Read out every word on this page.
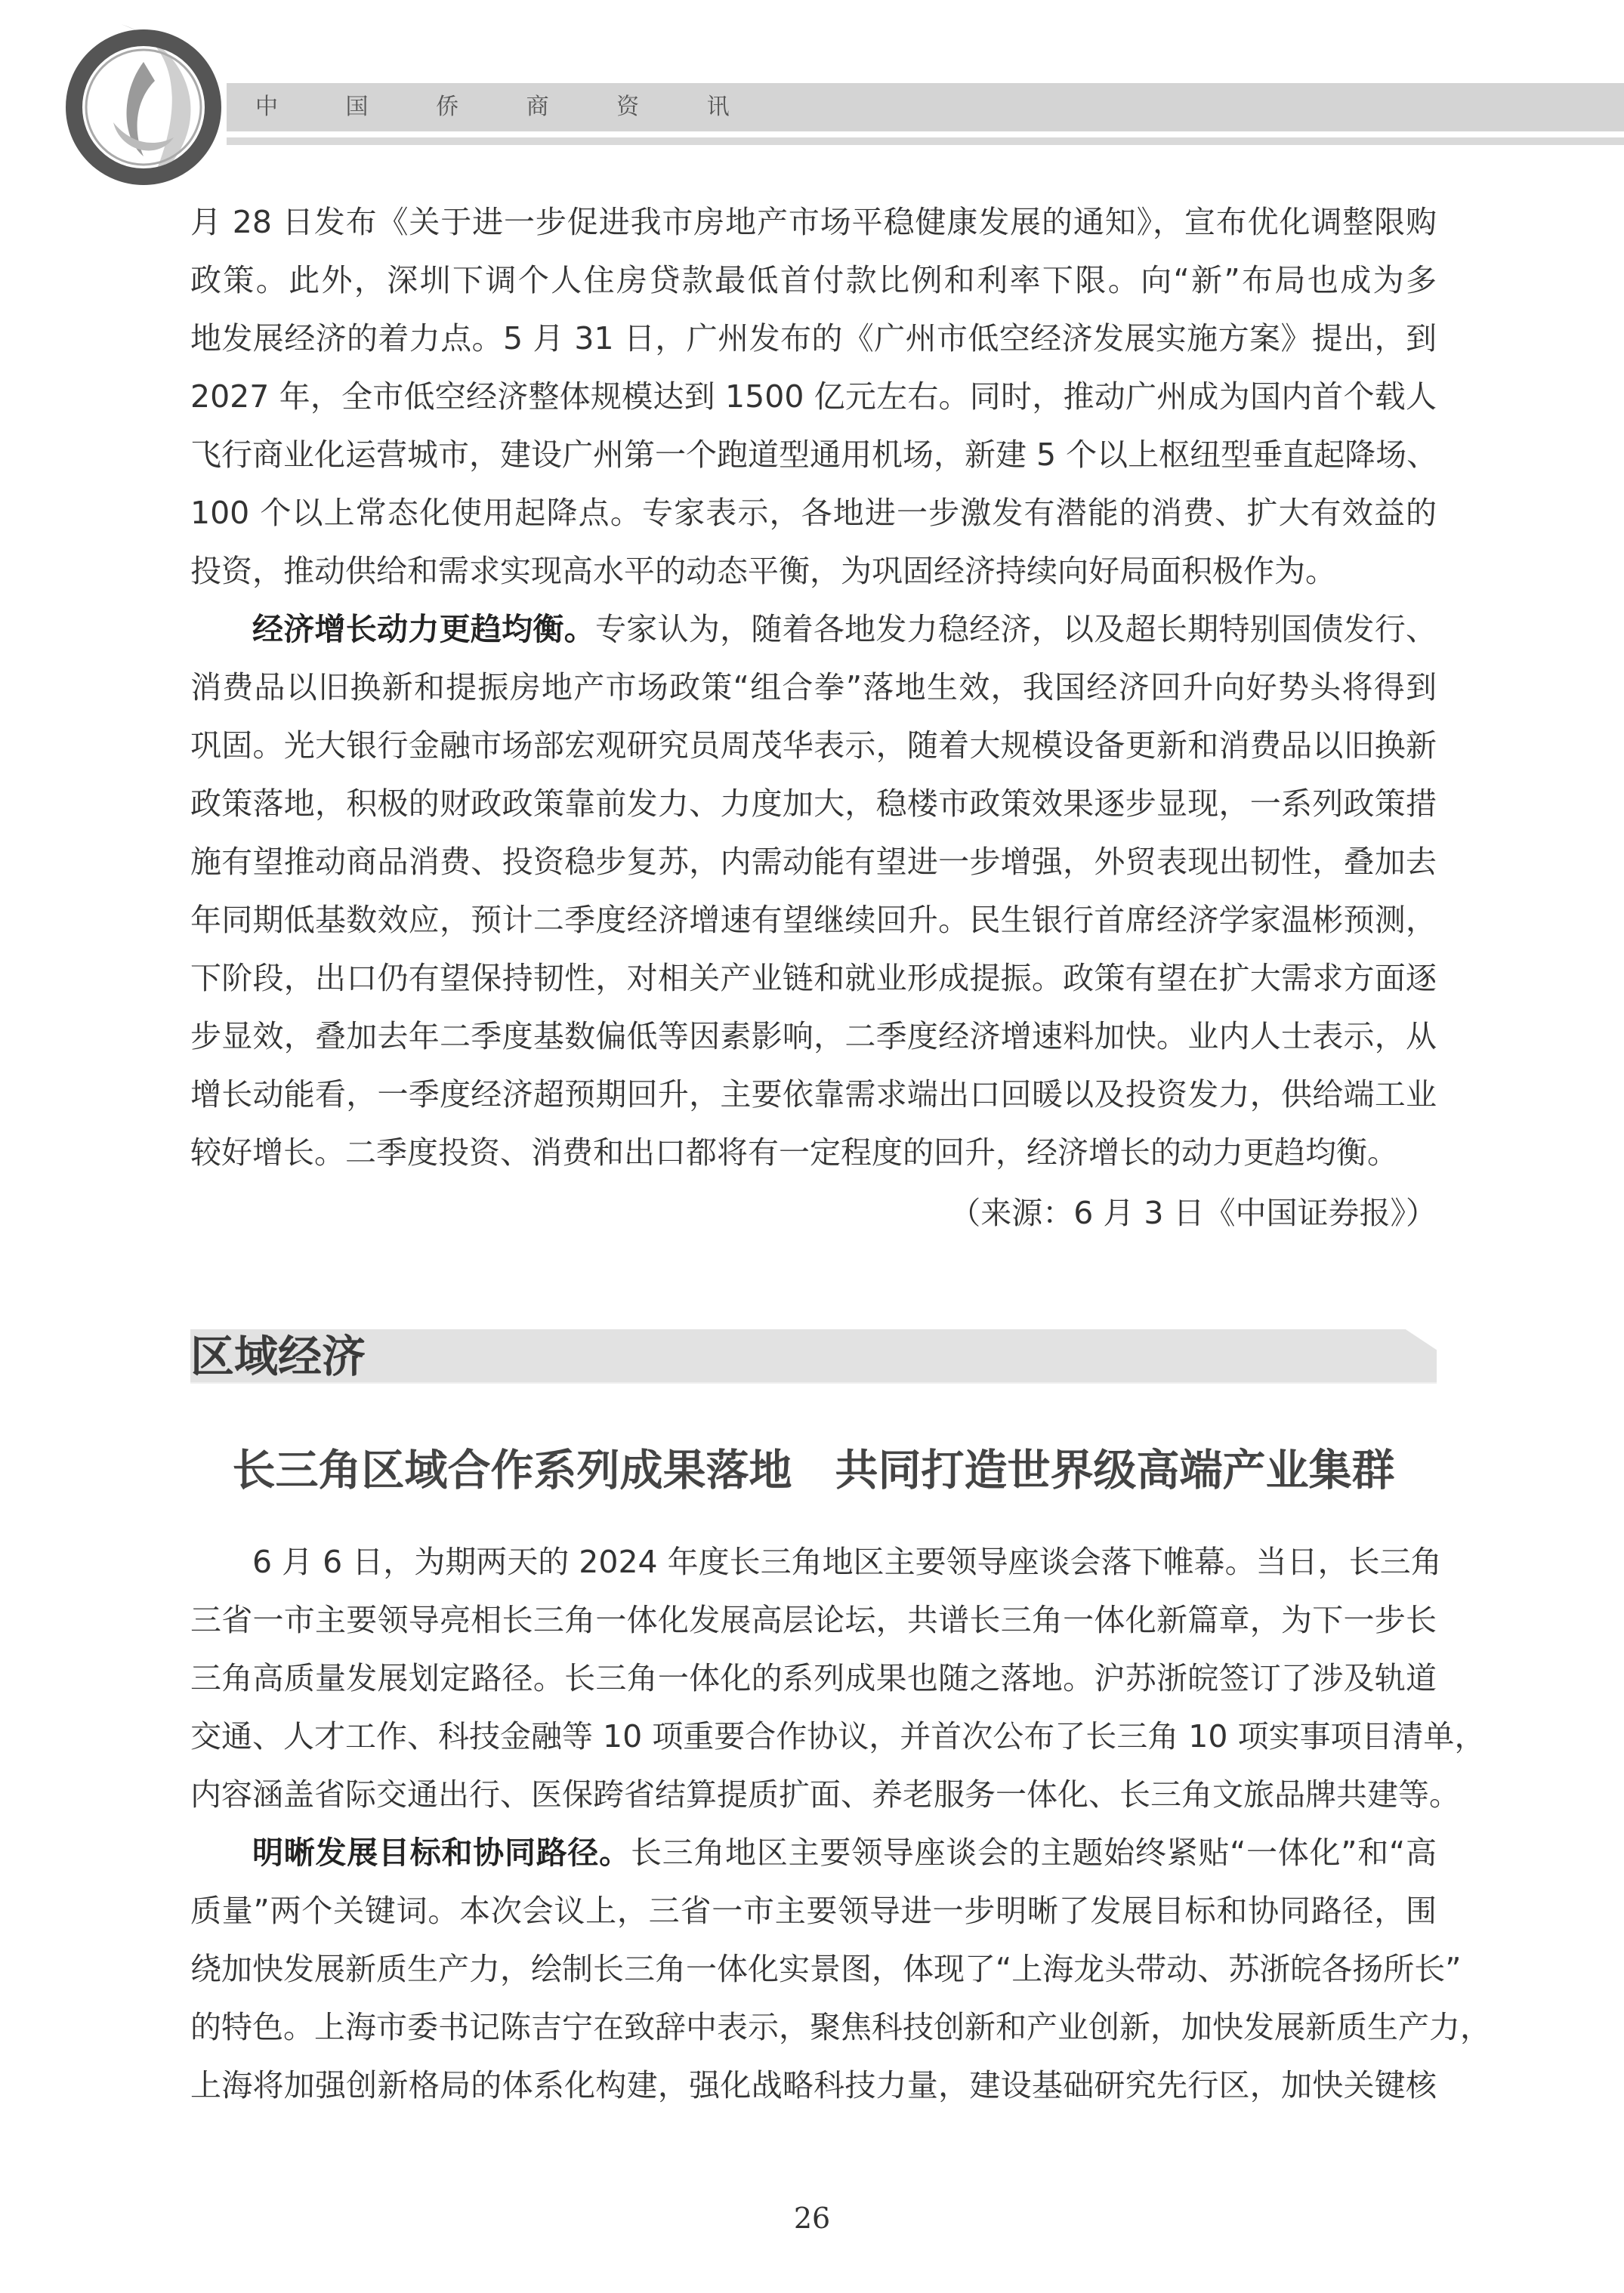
中 国 侨 商 资 讯
月 28 日发布《关于进一步促进我市房地产市场平稳健康发展的通知》，宣布优化调整限购
政策。此外，深圳下调个人住房贷款最低首付款比例和利率下限。向“新”布局也成为多
地发展经济的着力点。5 月 31 日，广州发布的《广州市低空经济发展实施方案》提出，到
2027 年，全市低空经济整体规模达到 1500 亿元左右。同时，推动广州成为国内首个载人
飞行商业化运营城市，建设广州第一个跑道型通用机场，新建 5 个以上枢纽型垂直起降场、
100 个以上常态化使用起降点。专家表示，各地进一步激发有潜能的消费、扩大有效益的
投资，推动供给和需求实现高水平的动态平衡，为巩固经济持续向好局面积极作为。
经济增长动力更趋均衡。专家认为，随着各地发力稳经济，以及超长期特别国债发行、
消费品以旧换新和提振房地产市场政策“组合拳”落地生效，我国经济回升向好势头将得到
巩固。光大银行金融市场部宏观研究员周茂华表示，随着大规模设备更新和消费品以旧换新
政策落地，积极的财政政策靠前发力、力度加大，稳楼市政策效果逐步显现，一系列政策措
施有望推动商品消费、投资稳步复苏，内需动能有望进一步增强，外贸表现出韧性，叠加去
年同期低基数效应，预计二季度经济增速有望继续回升。民生银行首席经济学家温彬预测，
下阶段，出口仍有望保持韧性，对相关产业链和就业形成提振。政策有望在扩大需求方面逐
步显效，叠加去年二季度基数偏低等因素影响，二季度经济增速料加快。业内人士表示，从
增长动能看，一季度经济超预期回升，主要依靠需求端出口回暖以及投资发力，供给端工业
较好增长。二季度投资、消费和出口都将有一定程度的回升，经济增长的动力更趋均衡。
（来源：6 月 3 日《中国证券报》）
区域经济
长三角区域合作系列成果落地　共同打造世界级高端产业集群
6 月 6 日，为期两天的 2024 年度长三角地区主要领导座谈会落下帷幕。当日，长三角
三省一市主要领导亮相长三角一体化发展高层论坛，共谱长三角一体化新篇章，为下一步长
三角高质量发展划定路径。长三角一体化的系列成果也随之落地。沪苏浙皖签订了涉及轨道
交通、人才工作、科技金融等 10 项重要合作协议，并首次公布了长三角 10 项实事项目清单，
内容涵盖省际交通出行、医保跨省结算提质扩面、养老服务一体化、长三角文旅品牌共建等。
明晰发展目标和协同路径。长三角地区主要领导座谈会的主题始终紧贴“一体化”和“高
质量”两个关键词。本次会议上，三省一市主要领导进一步明晰了发展目标和协同路径，围
绕加快发展新质生产力，绘制长三角一体化实景图，体现了“上海龙头带动、苏浙皖各扬所长”
的特色。上海市委书记陈吉宁在致辞中表示，聚焦科技创新和产业创新，加快发展新质生产力，
上海将加强创新格局的体系化构建，强化战略科技力量，建设基础研究先行区，加快关键核
26
